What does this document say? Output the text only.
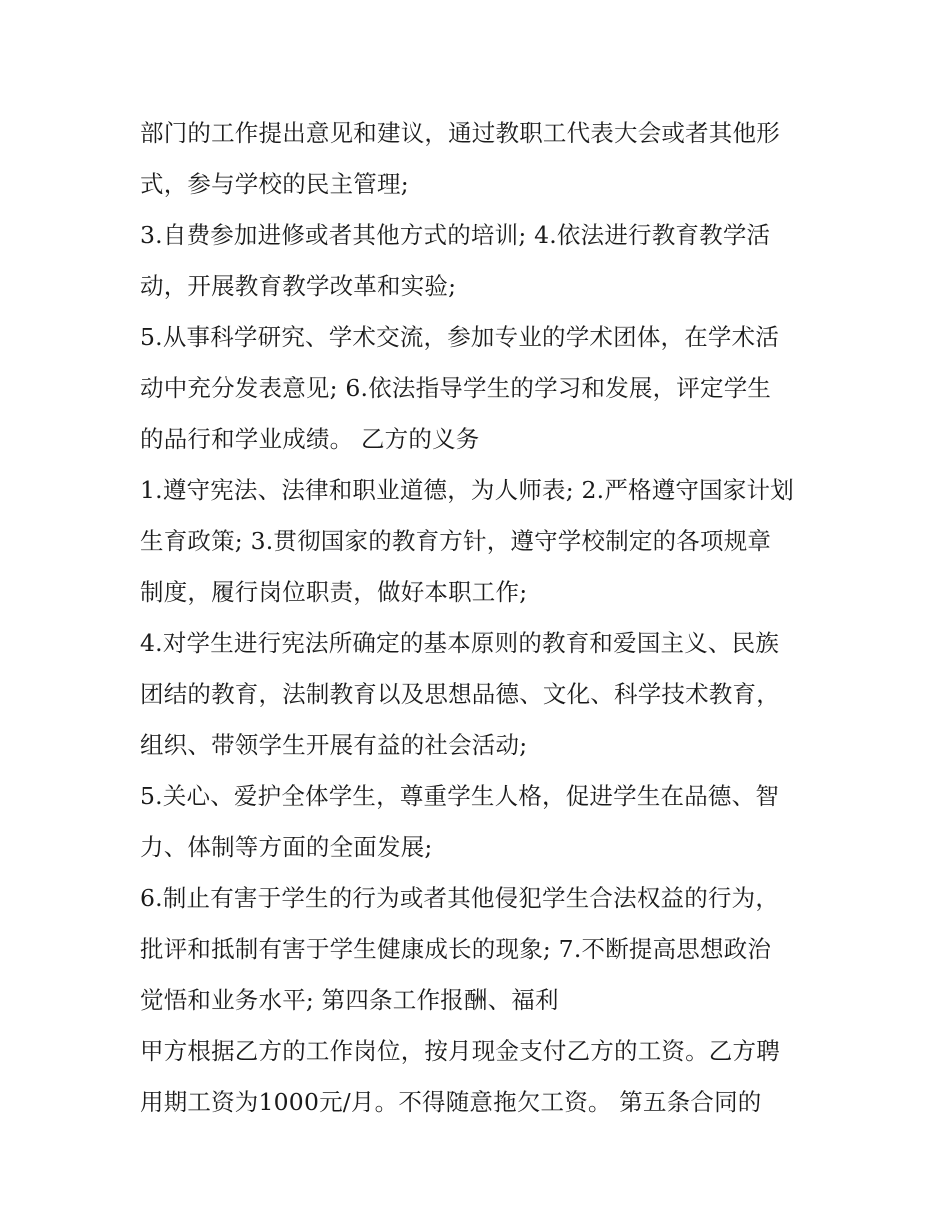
部门的工作提出意见和建议，通过教职工代表大会或者其他形
式，参与学校的民主管理;
3.自费参加进修或者其他方式的培训; 4.依法进行教育教学活
动，开展教育教学改革和实验;
5.从事科学研究、学术交流，参加专业的学术团体，在学术活
动中充分发表意见; 6.依法指导学生的学习和发展，评定学生
的品行和学业成绩。 乙方的义务
1.遵守宪法、法律和职业道德，为人师表; 2.严格遵守国家计划
生育政策; 3.贯彻国家的教育方针，遵守学校制定的各项规章
制度，履行岗位职责，做好本职工作;
4.对学生进行宪法所确定的基本原则的教育和爱国主义、民族
团结的教育，法制教育以及思想品德、文化、科学技术教育，
组织、带领学生开展有益的社会活动;
5.关心、爱护全体学生，尊重学生人格，促进学生在品德、智
力、体制等方面的全面发展;
6.制止有害于学生的行为或者其他侵犯学生合法权益的行为，
批评和抵制有害于学生健康成长的现象; 7.不断提高思想政治
觉悟和业务水平; 第四条工作报酬、福利
甲方根据乙方的工作岗位，按月现金支付乙方的工资。乙方聘
用期工资为1000元/月。不得随意拖欠工资。 第五条合同的
